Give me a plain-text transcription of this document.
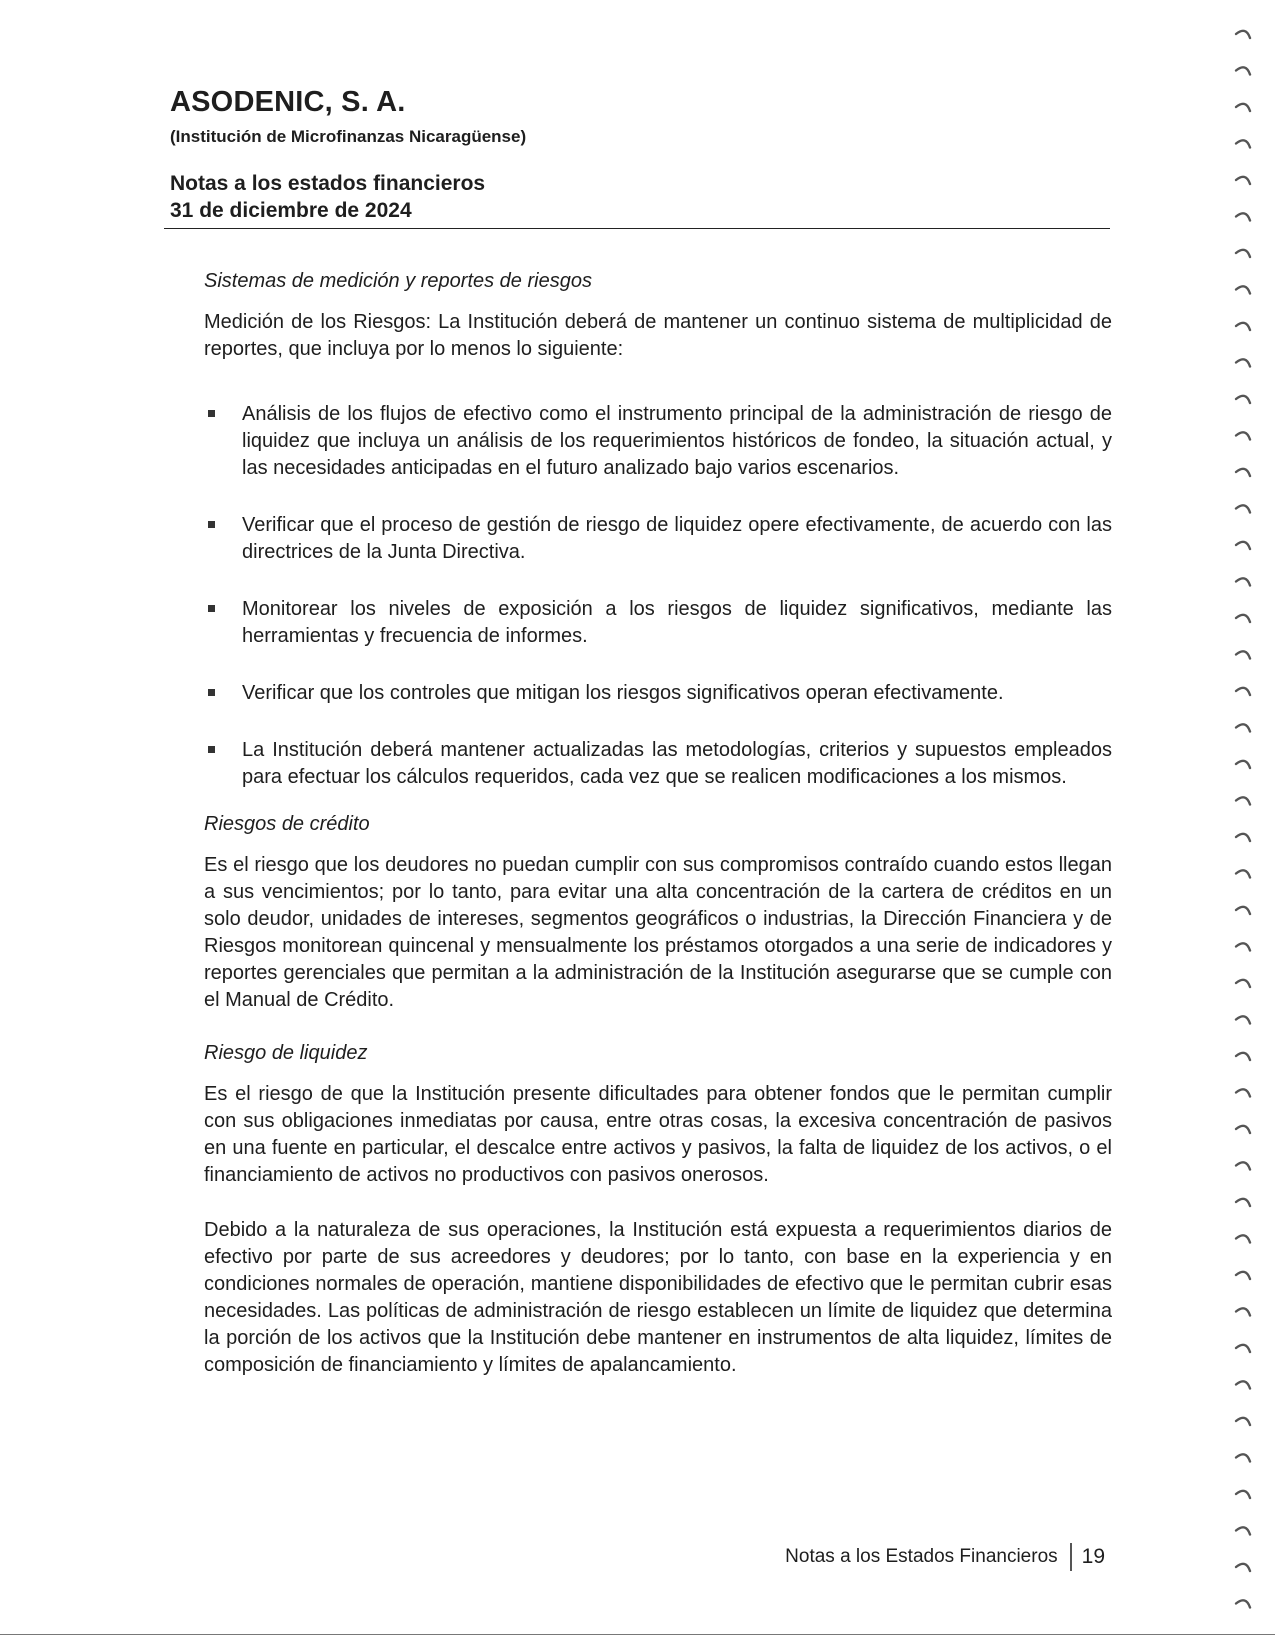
ASODENIC, S. A.
(Institución de Microfinanzas Nicaragüense)
Notas a los estados financieros
31 de diciembre de 2024
Sistemas de medición y reportes de riesgos

Medición de los Riesgos: La Institución deberá de mantener un continuo sistema de multiplicidad de reportes, que incluya por lo menos lo siguiente:

Análisis de los flujos de efectivo como el instrumento principal de la administración de riesgo de liquidez que incluya un análisis de los requerimientos históricos de fondeo, la situación actual, y las necesidades anticipadas en el futuro analizado bajo varios escenarios.
Verificar que el proceso de gestión de riesgo de liquidez opere efectivamente, de acuerdo con las directrices de la Junta Directiva.
Monitorear los niveles de exposición a los riesgos de liquidez significativos, mediante las herramientas y frecuencia de informes.
Verificar que los controles que mitigan los riesgos significativos operan efectivamente.
La Institución deberá mantener actualizadas las metodologías, criterios y supuestos empleados para efectuar los cálculos requeridos, cada vez que se realicen modificaciones a los mismos.
Riesgos de crédito

Es el riesgo que los deudores no puedan cumplir con sus compromisos contraído cuando estos llegan a sus vencimientos; por lo tanto, para evitar una alta concentración de la cartera de créditos en un solo deudor, unidades de intereses, segmentos geográficos o industrias, la Dirección Financiera y de Riesgos monitorean quincenal y mensualmente los préstamos otorgados a una serie de indicadores y reportes gerenciales que permitan a la administración de la Institución asegurarse que se cumple con el Manual de Crédito.

Riesgo de liquidez

Es el riesgo de que la Institución presente dificultades para obtener fondos que le permitan cumplir con sus obligaciones inmediatas por causa, entre otras cosas, la excesiva concentración de pasivos en una fuente en particular, el descalce entre activos y pasivos, la falta de liquidez de los activos, o el financiamiento de activos no productivos con pasivos onerosos.

Debido a la naturaleza de sus operaciones, la Institución está expuesta a requerimientos diarios de efectivo por parte de sus acreedores y deudores; por lo tanto, con base en la experiencia y en condiciones normales de operación, mantiene disponibilidades de efectivo que le permitan cubrir esas necesidades. Las políticas de administración de riesgo establecen un límite de liquidez que determina la porción de los activos que la Institución debe mantener en instrumentos de alta liquidez, límites de composición de financiamiento y límites de apalancamiento.

Notas a los Estados Financieros 19
